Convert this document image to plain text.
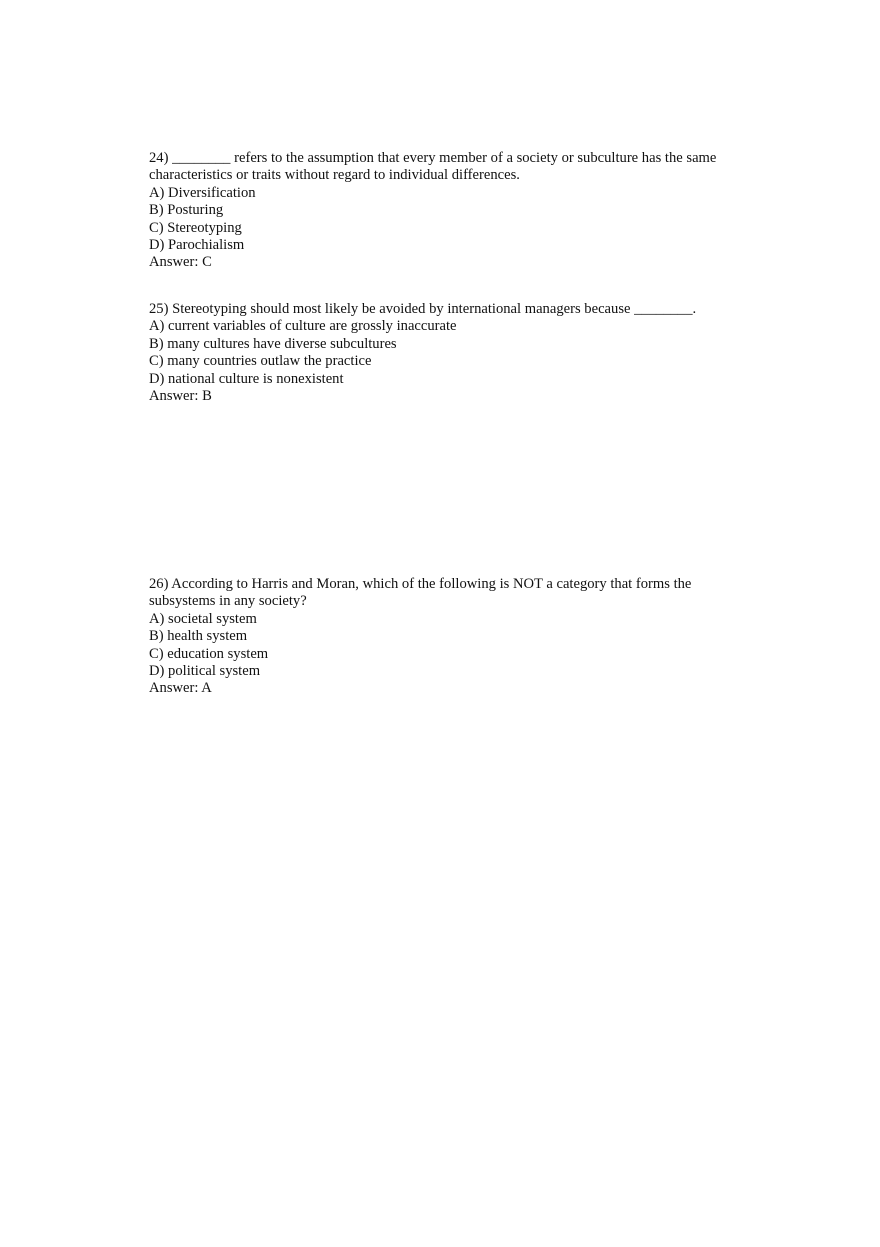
24) ________ refers to the assumption that every member of a society or subculture has the same
characteristics or traits without regard to individual differences.
A) Diversification
B) Posturing
C) Stereotyping
D) Parochialism
Answer: C
25) Stereotyping should most likely be avoided by international managers because ________.
A) current variables of culture are grossly inaccurate
B) many cultures have diverse subcultures
C) many countries outlaw the practice
D) national culture is nonexistent
Answer: B
26) According to Harris and Moran, which of the following is NOT a category that forms the
subsystems in any society?
A) societal system
B) health system
C) education system
D) political system
Answer: A
